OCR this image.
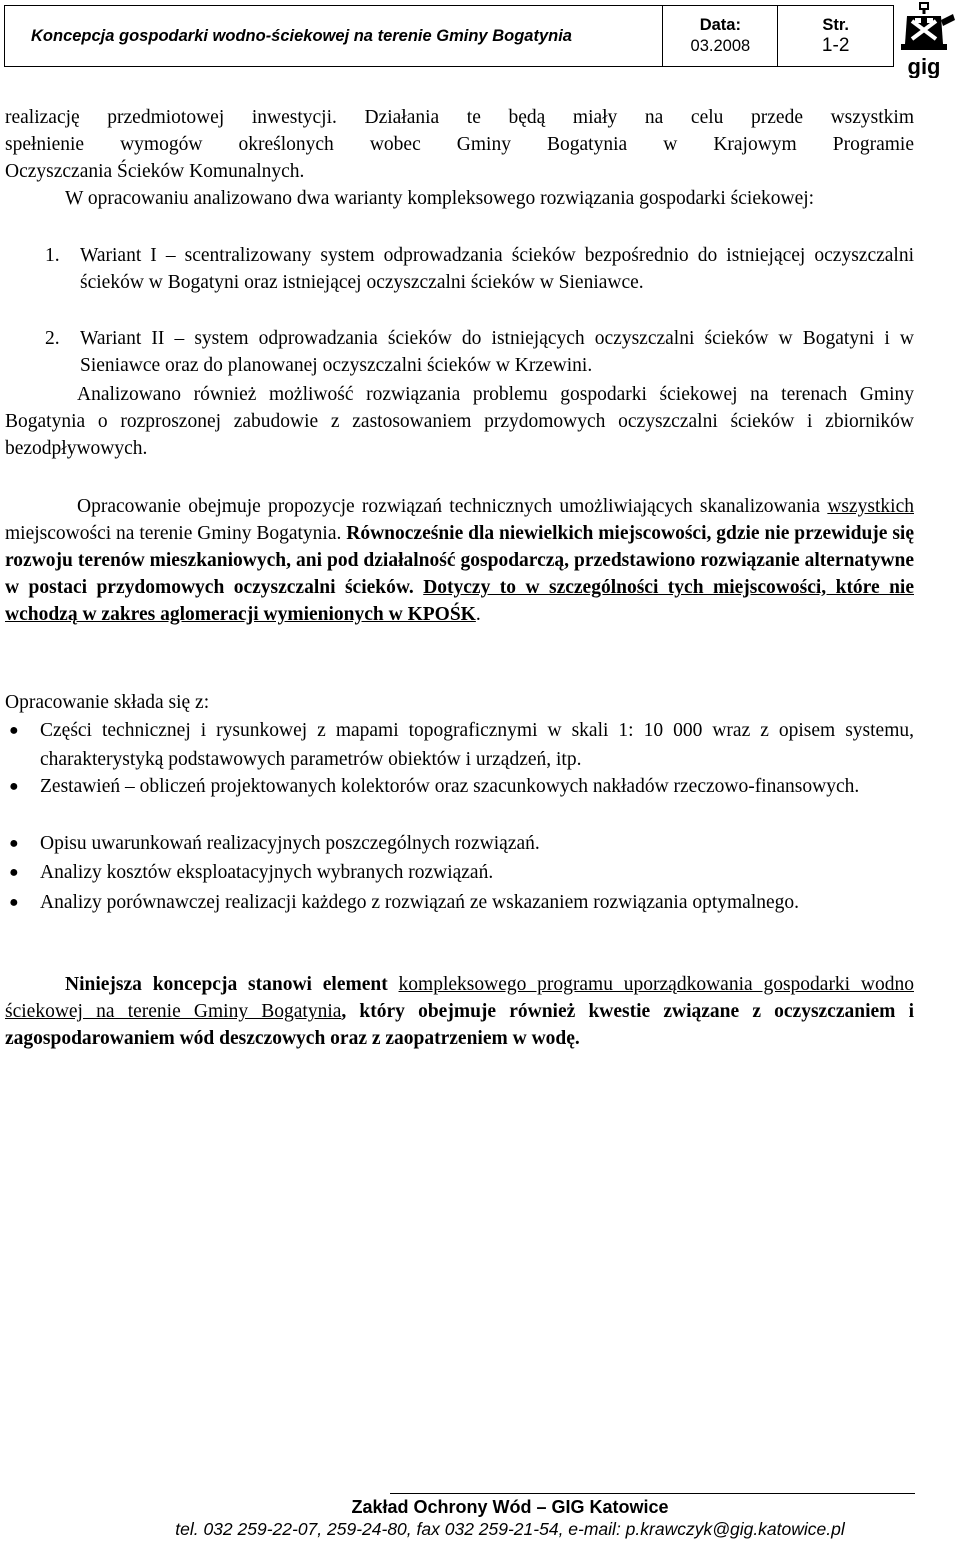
Koncepcja gospodarki wodno-ściekowej na terenie Gminy Bogatynia	
Data:
03.2008

Str.
1-2
gig
realizację przedmiotowej inwestycji. Działania te będą miały na celu przede wszystkim
spełnienie wymogów określonych wobec Gminy Bogatynia w Krajowym Programie
Oczyszczania Ścieków Komunalnych.
W opracowaniu analizowano dwa warianty kompleksowego rozwiązania gospodarki ściekowej:
1. Wariant I – scentralizowany system odprowadzania ścieków bezpośrednio do istniejącej oczyszczalni ścieków w Bogatyni oraz istniejącej oczyszczalni ścieków w Sieniawce.
2. Wariant II – system odprowadzania ścieków do istniejących oczyszczalni ścieków w Bogatyni i w Sieniawce oraz do planowanej oczyszczalni ścieków w Krzewini.
Analizowano również możliwość rozwiązania problemu gospodarki ściekowej na terenach Gminy Bogatynia o rozproszonej zabudowie z zastosowaniem przydomowych oczyszczalni ścieków i zbiorników bezodpływowych.
Opracowanie obejmuje propozycje rozwiązań technicznych umożliwiających skanalizowania wszystkich miejscowości na terenie Gminy Bogatynia. Równocześnie dla niewielkich miejscowości, gdzie nie przewiduje się rozwoju terenów mieszkaniowych, ani pod działalność gospodarczą, przedstawiono rozwiązanie alternatywne w postaci przydomowych oczyszczalni ścieków. Dotyczy to w szczególności tych miejscowości, które nie wchodzą w zakres aglomeracji wymienionych w KPOŚK.
Opracowanie składa się z:
● Części technicznej i rysunkowej z mapami topograficznymi w skali 1: 10 000 wraz z opisem systemu, charakterystyką podstawowych parametrów obiektów i urządzeń, itp.
● Zestawień – obliczeń projektowanych kolektorów oraz szacunkowych nakładów rzeczowo-finansowych.
● Opisu uwarunkowań realizacyjnych poszczególnych rozwiązań.
● Analizy kosztów eksploatacyjnych wybranych rozwiązań.
● Analizy porównawczej realizacji każdego z rozwiązań ze wskazaniem rozwiązania optymalnego.
Niniejsza koncepcja stanowi element kompleksowego programu uporządkowania gospodarki wodno ściekowej na terenie Gminy Bogatynia, który obejmuje również kwestie związane z oczyszczaniem i zagospodarowaniem wód deszczowych oraz z zaopatrzeniem w wodę.
Zakład Ochrony Wód – GIG Katowice
tel. 032 259-22-07, 259-24-80, fax 032 259-21-54, e-mail: p.krawczyk@gig.katowice.pl
